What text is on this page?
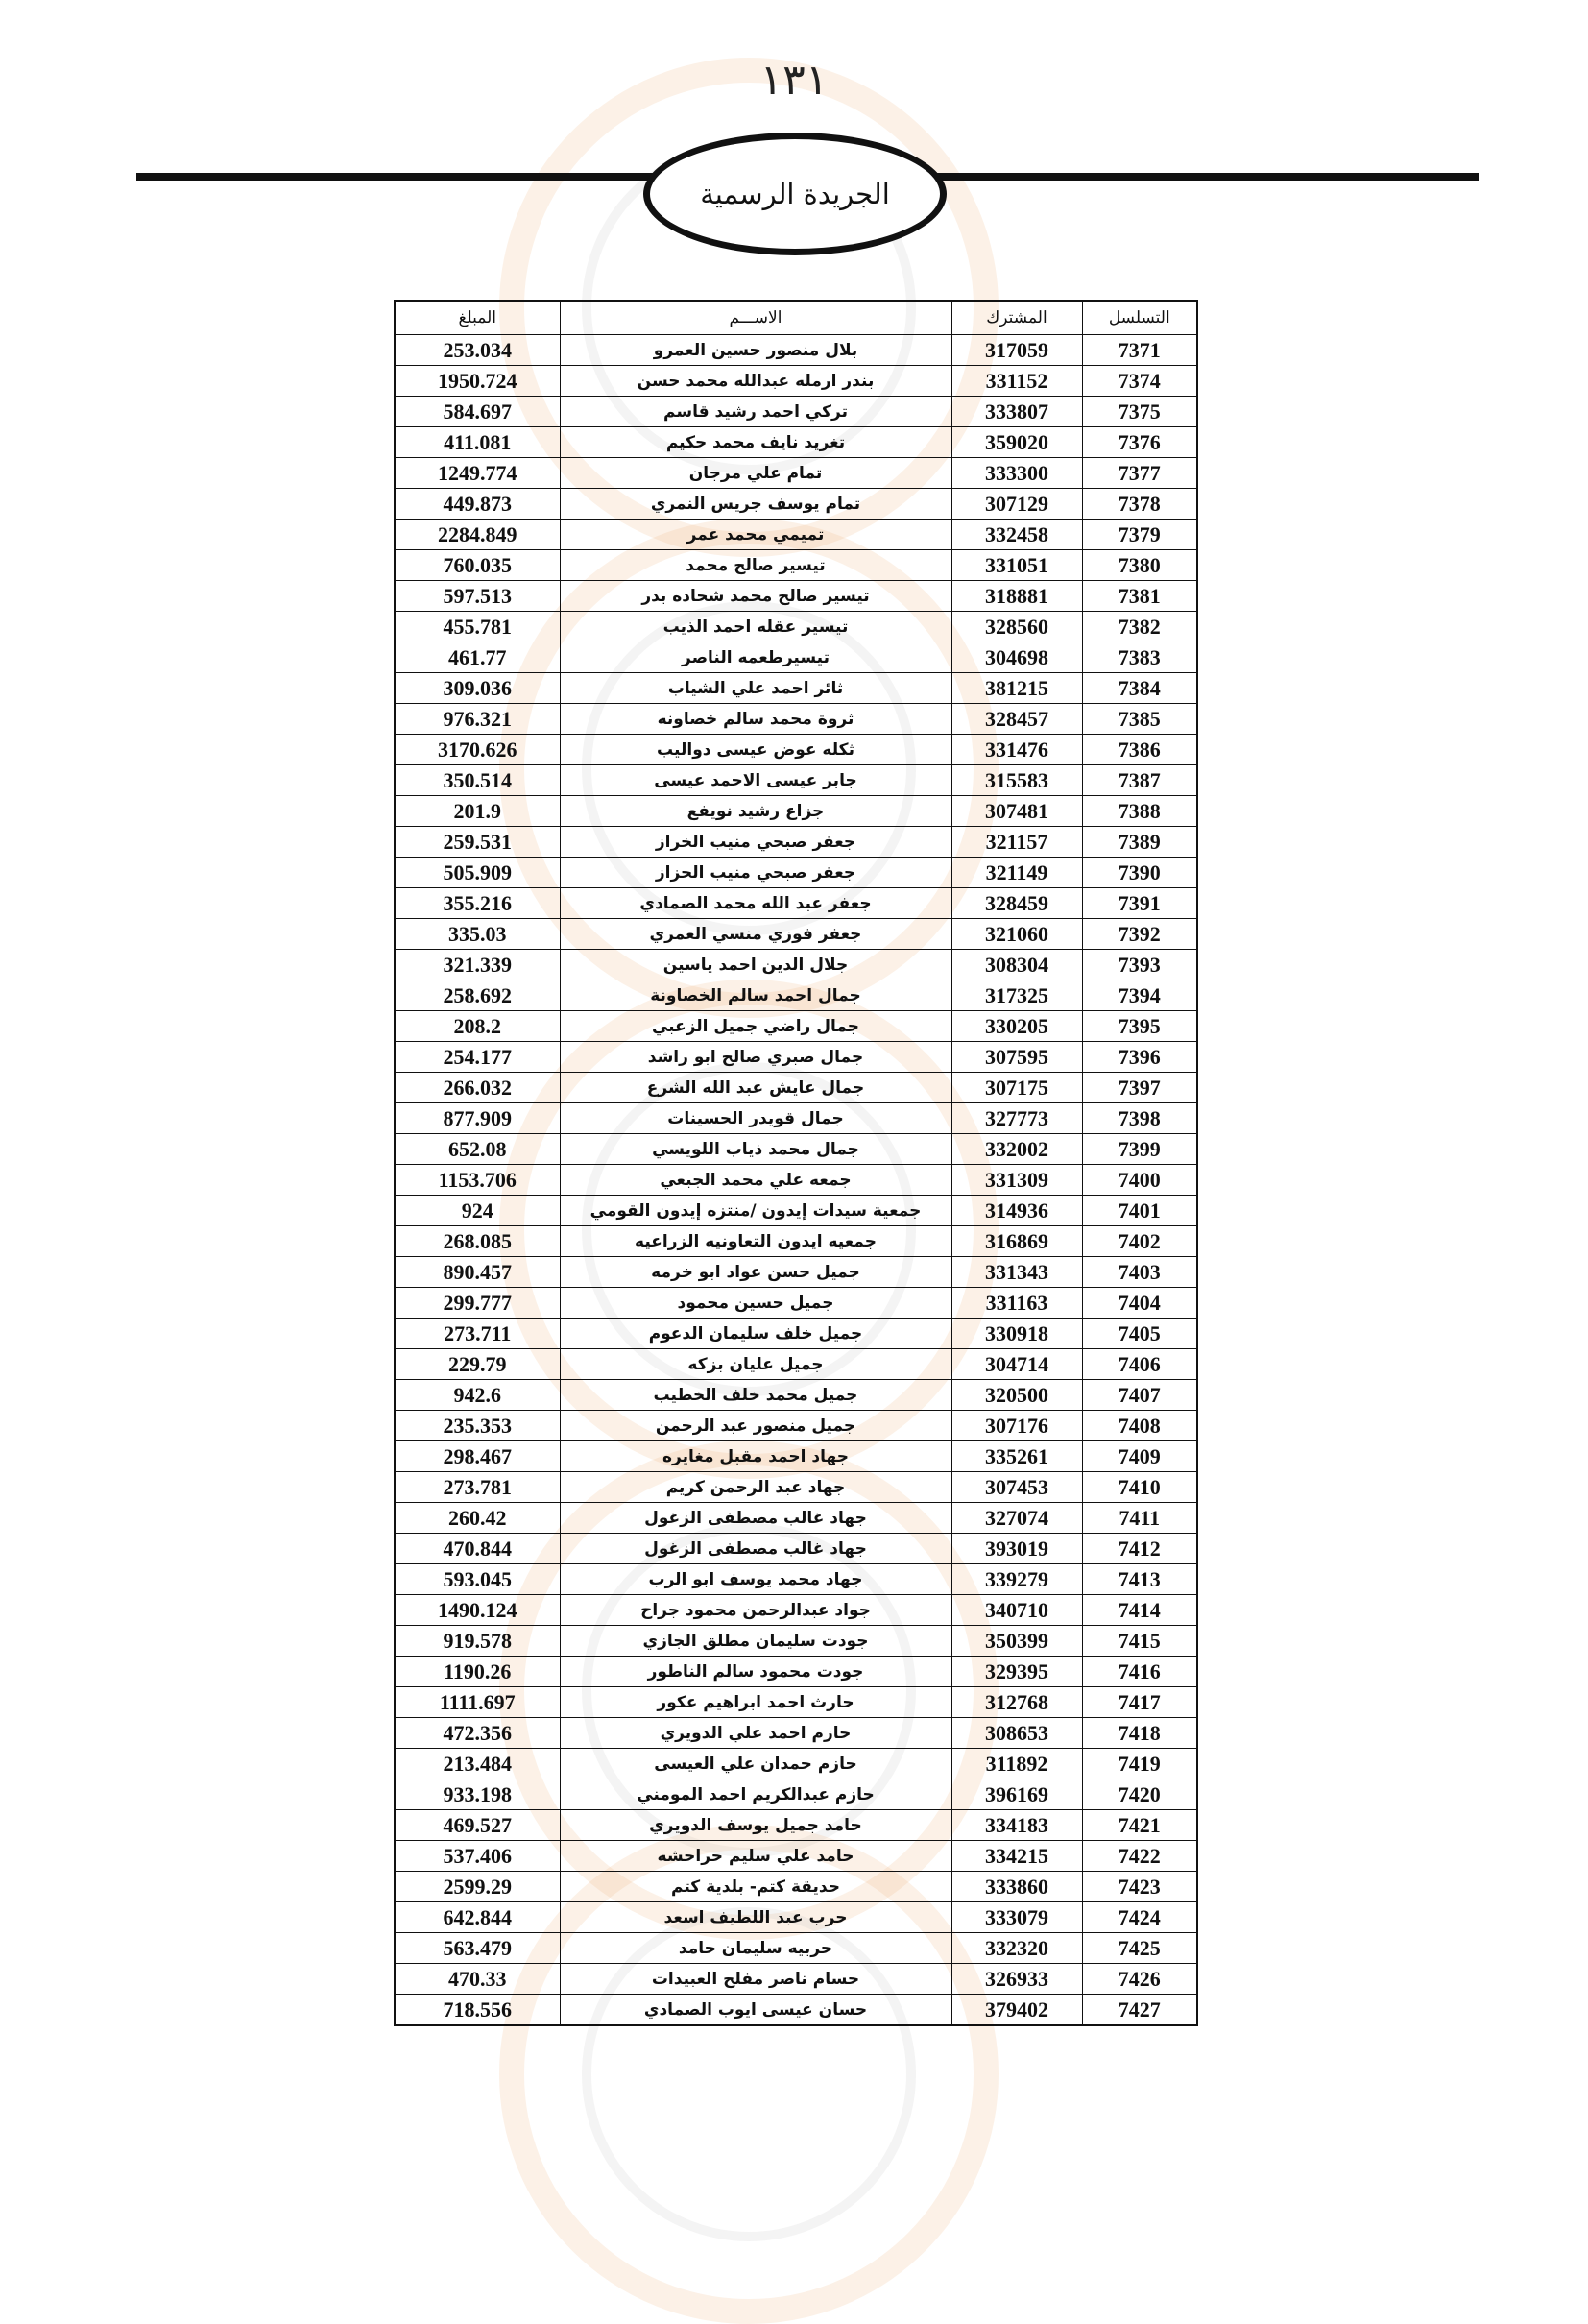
١٣١
الجريدة الرسمية
التسلسل	المشترك	الاســـم	المبلغ
7371	317059	بلال منصور حسين العمرو	253.034
7374	331152	بندر ارمله عبدالله محمد حسن	1950.724
7375	333807	تركي احمد رشيد قاسم	584.697
7376	359020	تغريد نايف محمد حكيم	411.081
7377	333300	تمام علي مرجان	1249.774
7378	307129	تمام يوسف جريس النمري	449.873
7379	332458	تميمي محمد عمر	2284.849
7380	331051	تيسير صالح محمد	760.035
7381	318881	تيسير صالح محمد شحاده بدر	597.513
7382	328560	تيسير عقله احمد الذيب	455.781
7383	304698	تيسيرطعمه الناصر	461.77
7384	381215	ثائر احمد علي الشياب	309.036
7385	328457	ثروة محمد سالم خصاونه	976.321
7386	331476	ثكله عوض عيسى دواليب	3170.626
7387	315583	جابر عيسى الاحمد عيسى	350.514
7388	307481	جزاع رشيد نويفع	201.9
7389	321157	جعفر صبحي منيب الخراز	259.531
7390	321149	جعفر صبحي منيب الحزاز	505.909
7391	328459	جعفر عبد الله محمد الصمادي	355.216
7392	321060	جعفر فوزي منسي العمري	335.03
7393	308304	جلال الدين احمد ياسين	321.339
7394	317325	جمال احمد سالم الخصاونة	258.692
7395	330205	جمال راضي جميل الزعبي	208.2
7396	307595	جمال صبري صالح ابو راشد	254.177
7397	307175	جمال عايش عبد الله الشرع	266.032
7398	327773	جمال قويدر الحسينات	877.909
7399	332002	جمال محمد ذياب اللويسي	652.08
7400	331309	جمعه علي محمد الجبعي	1153.706
7401	314936	جمعية سيدات إيدون /منتزه إيدون القومي	924
7402	316869	جمعيه ايدون التعاونيه الزراعيه	268.085
7403	331343	جميل حسن عواد ابو خرمه	890.457
7404	331163	جميل حسين محمود	299.777
7405	330918	جميل خلف سليمان الدعوم	273.711
7406	304714	جميل عليان بزكه	229.79
7407	320500	جميل محمد خلف الخطيب	942.6
7408	307176	جميل منصور عبد الرحمن	235.353
7409	335261	جهاد احمد مقبل مغايره	298.467
7410	307453	جهاد عبد الرحمن كريم	273.781
7411	327074	جهاد غالب مصطفى الزغول	260.42
7412	393019	جهاد غالب مصطفى الزغول	470.844
7413	339279	جهاد محمد يوسف ابو الرب	593.045
7414	340710	جواد عبدالرحمن محمود جراح	1490.124
7415	350399	جودت سليمان مطلق الجازي	919.578
7416	329395	جودت محمود سالم الناطور	1190.26
7417	312768	حارث احمد ابراهيم عكور	1111.697
7418	308653	حازم احمد علي الدويري	472.356
7419	311892	حازم حمدان علي العيسى	213.484
7420	396169	حازم عبدالكريم احمد المومني	933.198
7421	334183	حامد جميل يوسف الدويري	469.527
7422	334215	حامد علي سليم حراحشه	537.406
7423	333860	حديقة كتم- بلدية كتم	2599.29
7424	333079	حرب عبد اللطيف اسعد	642.844
7425	332320	حربيه سليمان حامد	563.479
7426	326933	حسام ناصر مفلح العبيدات	470.33
7427	379402	حسان عيسى ايوب الصمادي	718.556
